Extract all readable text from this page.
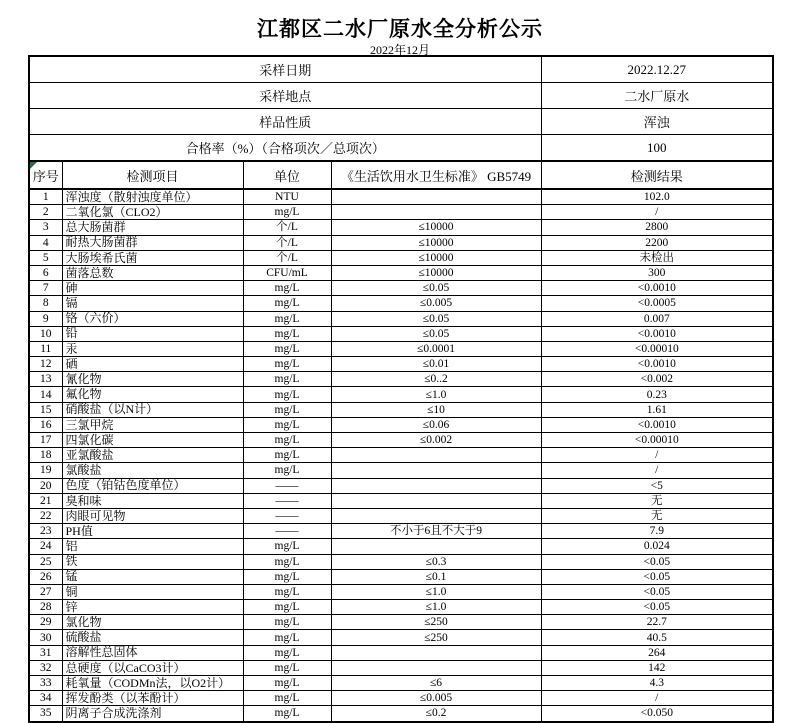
江都区二水厂原水全分析公示
2022年12月
采样日期				2022.12.27
采样地点				二水厂原水
样品性质				浑浊
合格率（%）（合格项次／总项次）				100
序号	检测项目	单位	《生活饮用水卫生标准》 GB5749	检测结果
1	浑浊度（散射浊度单位）	NTU		102.0
2	二氧化氯（CLO2）	mg/L		/
3	总大肠菌群	个/L	≤10000	2800
4	耐热大肠菌群	个/L	≤10000	2200
5	大肠埃希氏菌	个/L	≤10000	未检出
6	菌落总数	CFU/mL	≤10000	300
7	砷	mg/L	≤0.05	<0.0010
8	镉	mg/L	≤0.005	<0.0005
9	铬（六价）	mg/L	≤0.05	0.007
10	铅	mg/L	≤0.05	<0.0010
11	汞	mg/L	≤0.0001	<0.00010
12	硒	mg/L	≤0.01	<0.0010
13	氰化物	mg/L	≤0..2	<0.002
14	氟化物	mg/L	≤1.0	0.23
15	硝酸盐（以N计）	mg/L	≤10	1.61
16	三氯甲烷	mg/L	≤0.06	<0.0010
17	四氯化碳	mg/L	≤0.002	<0.00010
18	亚氯酸盐	mg/L		/
19	氯酸盐	mg/L		/
20	色度（铂钴色度单位）	——		<5
21	臭和味	——		无
22	肉眼可见物	——		无
23	PH值	——	不小于6且不大于9	7.9
24	铝	mg/L		0.024
25	铁	mg/L	≤0.3	<0.05
26	锰	mg/L	≤0.1	<0.05
27	铜	mg/L	≤1.0	<0.05
28	锌	mg/L	≤1.0	<0.05
29	氯化物	mg/L	≤250	22.7
30	硫酸盐	mg/L	≤250	40.5
31	溶解性总固体	mg/L		264
32	总硬度（以CaCO3计）	mg/L		142
33	耗氧量（CODMn法，以O2计）	mg/L	≤6	4.3
34	挥发酚类（以苯酚计）	mg/L	≤0.005	/
35	阴离子合成洗涤剂	mg/L	≤0.2	<0.050
